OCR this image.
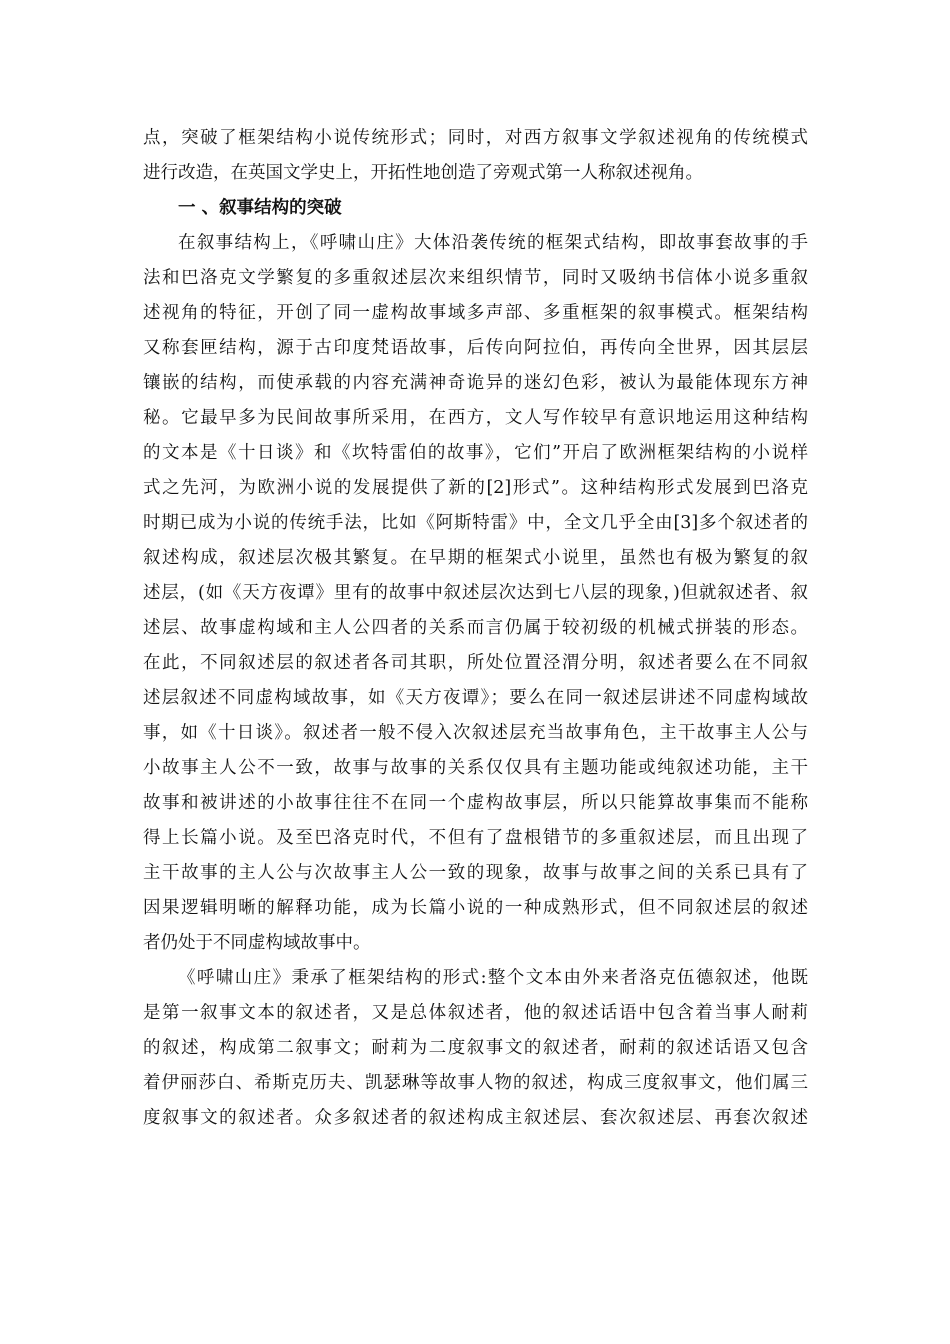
点，突破了框架结构小说传统形式；同时，对西方叙事文学叙述视角的传统模式
进行改造，在英国文学史上，开拓性地创造了旁观式第一人称叙述视角。
一 、叙事结构的突破
在叙事结构上，《呼啸山庄》大体沿袭传统的框架式结构，即故事套故事的手
法和巴洛克文学繁复的多重叙述层次来组织情节，同时又吸纳书信体小说多重叙
述视角的特征，开创了同一虚构故事域多声部、多重框架的叙事模式。框架结构
又称套匣结构，源于古印度梵语故事，后传向阿拉伯，再传向全世界，因其层层
镶嵌的结构，而使承载的内容充满神奇诡异的迷幻色彩，被认为最能体现东方神
秘。它最早多为民间故事所采用，在西方，文人写作较早有意识地运用这种结构
的文本是《十日谈》和《坎特雷伯的故事》，它们”开启了欧洲框架结构的小说样
式之先河，为欧洲小说的发展提供了新的[2]形式”。这种结构形式发展到巴洛克
时期已成为小说的传统手法，比如《阿斯特雷》中，全文几乎全由[3]多个叙述者的
叙述构成，叙述层次极其繁复。在早期的框架式小说里，虽然也有极为繁复的叙
述层，(如《天方夜谭》里有的故事中叙述层次达到七八层的现象，)但就叙述者、叙
述层、故事虚构域和主人公四者的关系而言仍属于较初级的机械式拼装的形态。
在此，不同叙述层的叙述者各司其职，所处位置泾渭分明，叙述者要么在不同叙
述层叙述不同虚构域故事，如《天方夜谭》；要么在同一叙述层讲述不同虚构域故
事，如《十日谈》。叙述者一般不侵入次叙述层充当故事角色，主干故事主人公与
小故事主人公不一致，故事与故事的关系仅仅具有主题功能或纯叙述功能，主干
故事和被讲述的小故事往往不在同一个虚构故事层，所以只能算故事集而不能称
得上长篇小说。及至巴洛克时代，不但有了盘根错节的多重叙述层，而且出现了
主干故事的主人公与次故事主人公一致的现象，故事与故事之间的关系已具有了
因果逻辑明晰的解释功能，成为长篇小说的一种成熟形式，但不同叙述层的叙述
者仍处于不同虚构域故事中。
《呼啸山庄》秉承了框架结构的形式:整个文本由外来者洛克伍德叙述，他既
是第一叙事文本的叙述者，又是总体叙述者，他的叙述话语中包含着当事人耐莉
的叙述，构成第二叙事文；耐莉为二度叙事文的叙述者，耐莉的叙述话语又包含
着伊丽莎白、希斯克历夫、凯瑟琳等故事人物的叙述，构成三度叙事文，他们属三
度叙事文的叙述者。众多叙述者的叙述构成主叙述层、套次叙述层、再套次叙述
